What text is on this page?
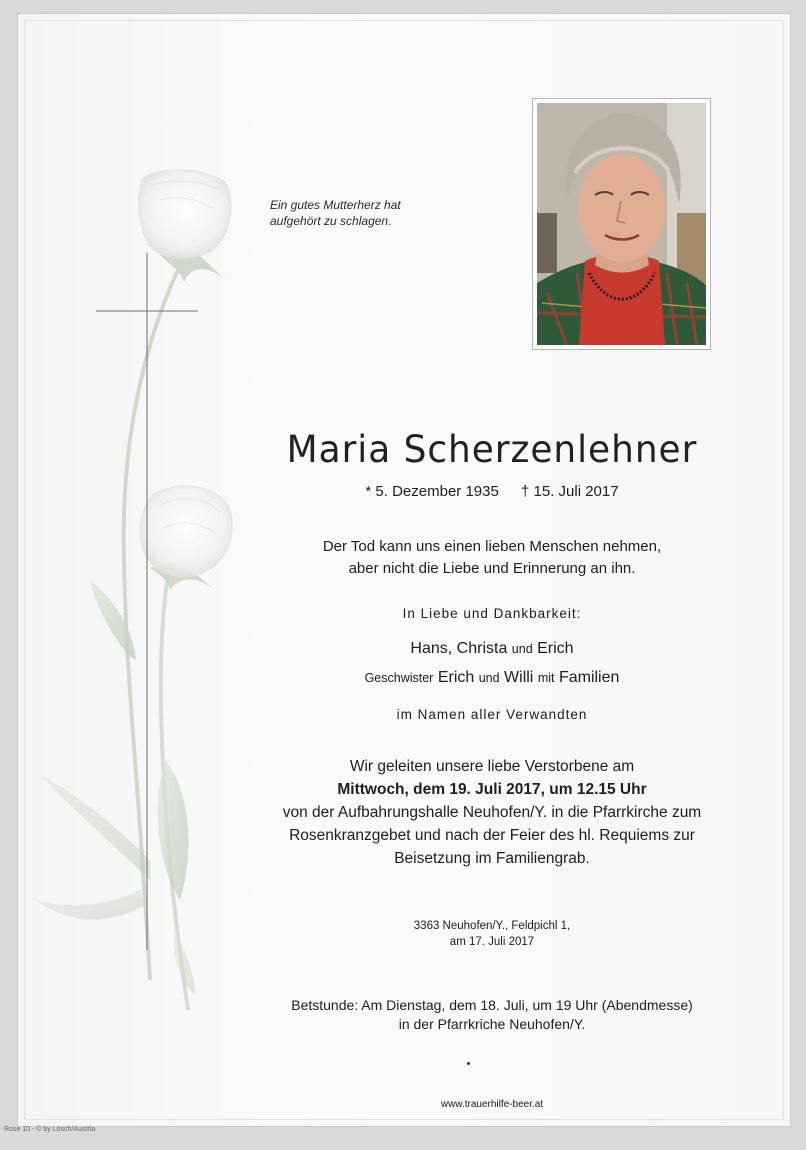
Ein gutes Mutterherz hat
aufgehört zu schlagen.
Maria Scherzenlehner
* 5. Dezember 1935 † 15. Juli 2017
Der Tod kann uns einen lieben Menschen nehmen,
aber nicht die Liebe und Erinnerung an ihn.
In Liebe und Dankbarkeit:
Hans, Christa und Erich
Geschwister Erich und Willi mit Familien
im Namen aller Verwandten
Wir geleiten unsere liebe Verstorbene am
Mittwoch, dem 19. Juli 2017, um 12.15 Uhr
von der Aufbahrungshalle Neuhofen/Y. in die Pfarrkirche zum
Rosenkranzgebet und nach der Feier des hl. Requiems zur
Beisetzung im Familiengrab.
3363 Neuhofen/Y., Feldpichl 1,
am 17. Juli 2017
Betstunde: Am Dienstag, dem 18. Juli, um 19 Uhr (Abendmesse)
in der Pfarrkriche Neuhofen/Y.
www.trauerhilfe-beer.at
Rose 10 - © by Lösch/Austria
